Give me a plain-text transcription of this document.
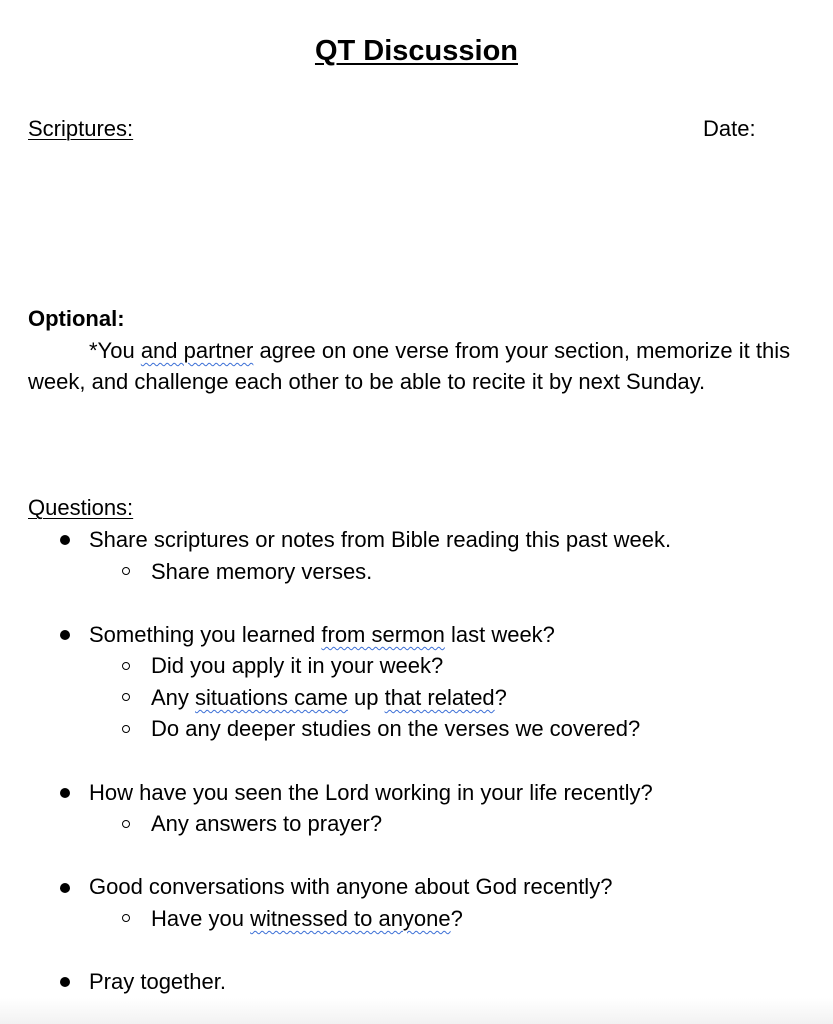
QT Discussion
Scriptures:	Date:
Optional:
*You and partner agree on one verse from your section, memorize it this week, and challenge each other to be able to recite it by next Sunday.
Questions:
Share scriptures or notes from Bible reading this past week.
Share memory verses.
Something you learned from sermon last week?
Did you apply it in your week?
Any situations came up that related?
Do any deeper studies on the verses we covered?
How have you seen the Lord working in your life recently?
Any answers to prayer?
Good conversations with anyone about God recently?
Have you witnessed to anyone?
Pray together.
